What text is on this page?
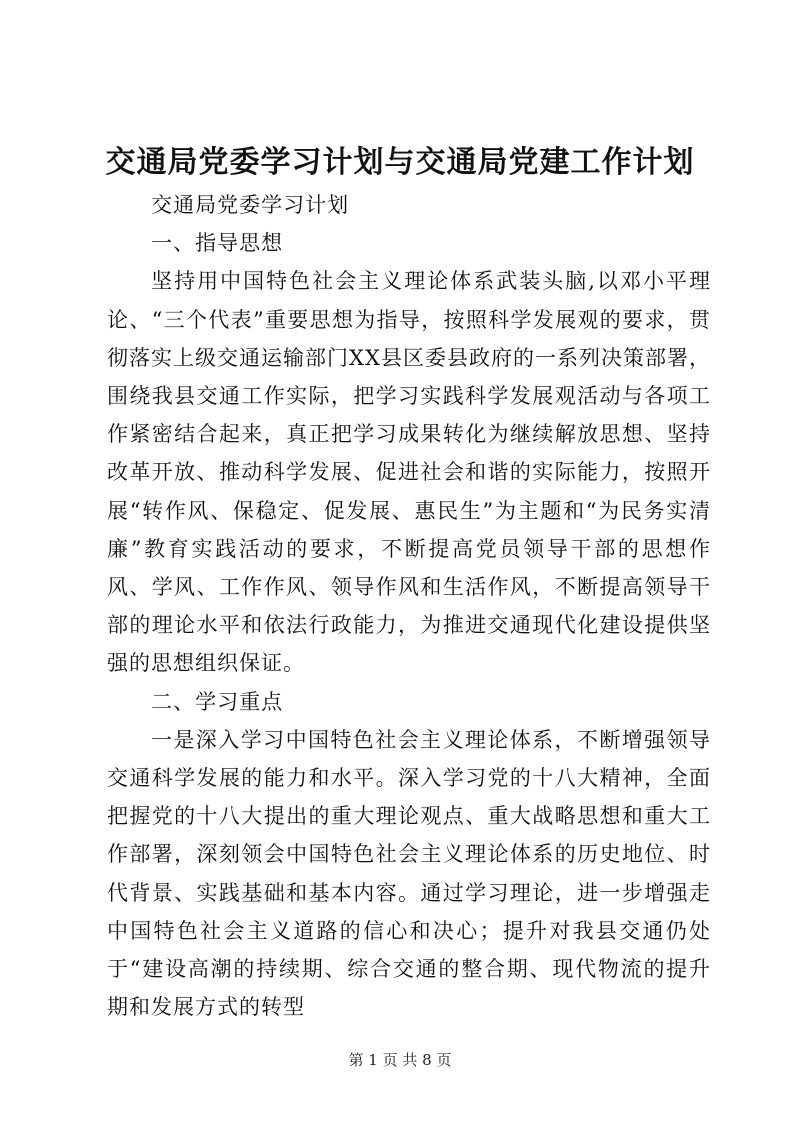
交通局党委学习计划与交通局党建工作计划

交通局党委学习计划

一、指导思想

坚持用中国特色社会主义理论体系武装头脑,以邓小平理论、“三个代表”重要思想为指导，按照科学发展观的要求，贯彻落实上级交通运输部门XX县区委县政府的一系列决策部署，围绕我县交通工作实际，把学习实践科学发展观活动与各项工作紧密结合起来，真正把学习成果转化为继续解放思想、坚持改革开放、推动科学发展、促进社会和谐的实际能力，按照开展“转作风、保稳定、促发展、惠民生”为主题和“为民务实清廉”教育实践活动的要求，不断提高党员领导干部的思想作风、学风、工作作风、领导作风和生活作风，不断提高领导干部的理论水平和依法行政能力，为推进交通现代化建设提供坚强的思想组织保证。

二、学习重点

一是深入学习中国特色社会主义理论体系，不断增强领导交通科学发展的能力和水平。深入学习党的十八大精神，全面把握党的十八大提出的重大理论观点、重大战略思想和重大工作部署，深刻领会中国特色社会主义理论体系的历史地位、时代背景、实践基础和基本内容。通过学习理论，进一步增强走中国特色社会主义道路的信心和决心；提升对我县交通仍处于“建设高潮的持续期、综合交通的整合期、现代物流的提升期和发展方式的转型

第 1 页 共 8 页
